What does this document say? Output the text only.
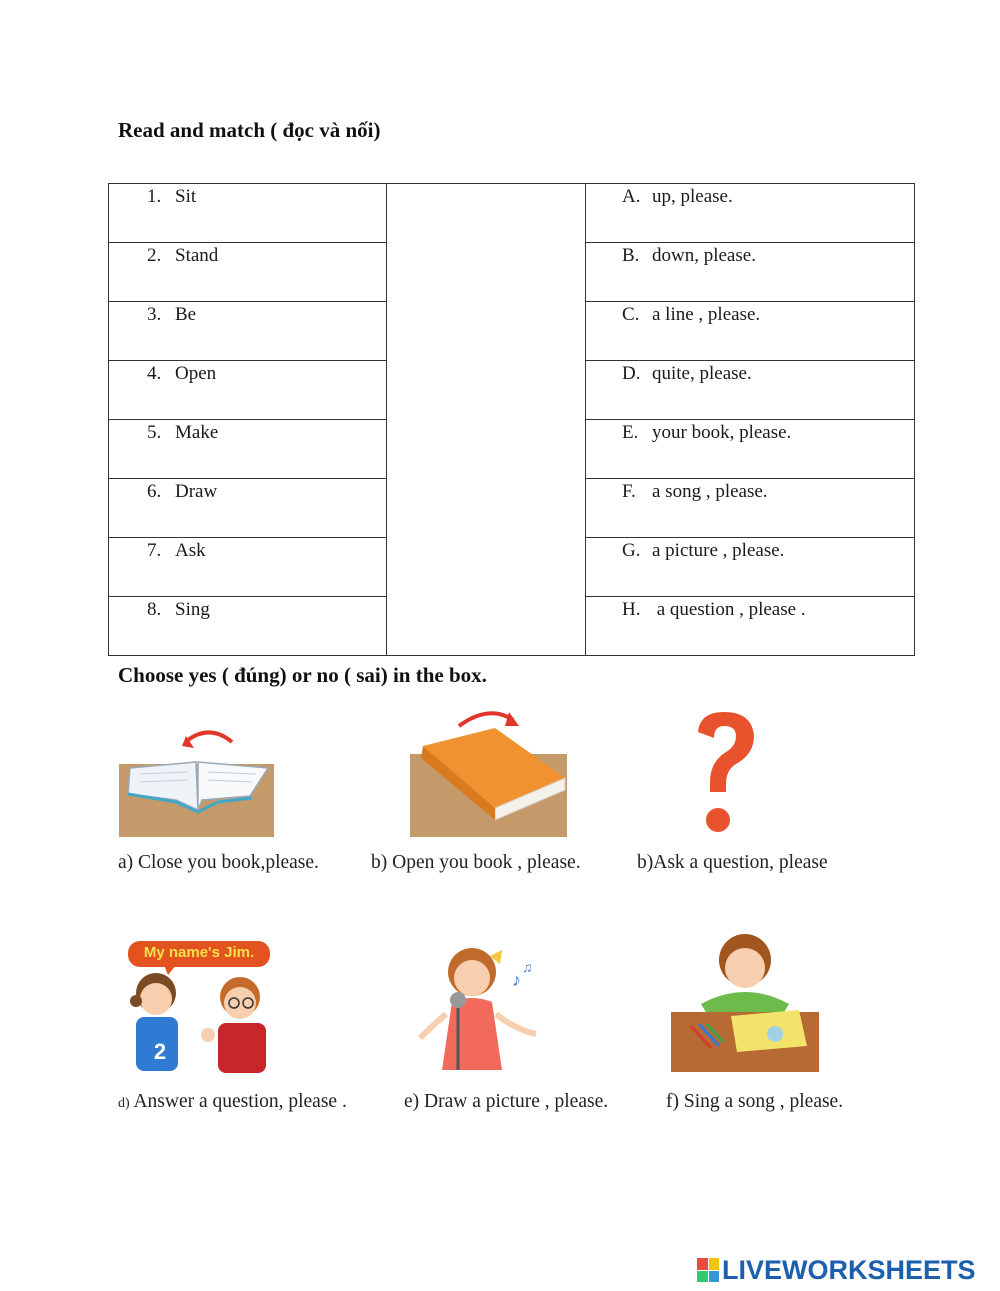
Read and match ( đọc và nối)
1. Sit		A. up, please.

2. Stand		B. down, please.

3. Be		C. a line , please.

4. Open		D. quite, please.

5. Make		E. your book, please.

6. Draw		F. a song , please.

7. Ask		G. a picture , please.

8. Sing		H. a question , please .
Choose yes ( đúng) or no ( sai) in the box.
a) Close you book,please.	b) Open you book , please.	b)Ask a question, please
My name's Jim.
2
♪
♫
d) Answer a question, please .	e) Draw a picture , please.	f) Sing a song , please.
LIVEWORKSHEETS
